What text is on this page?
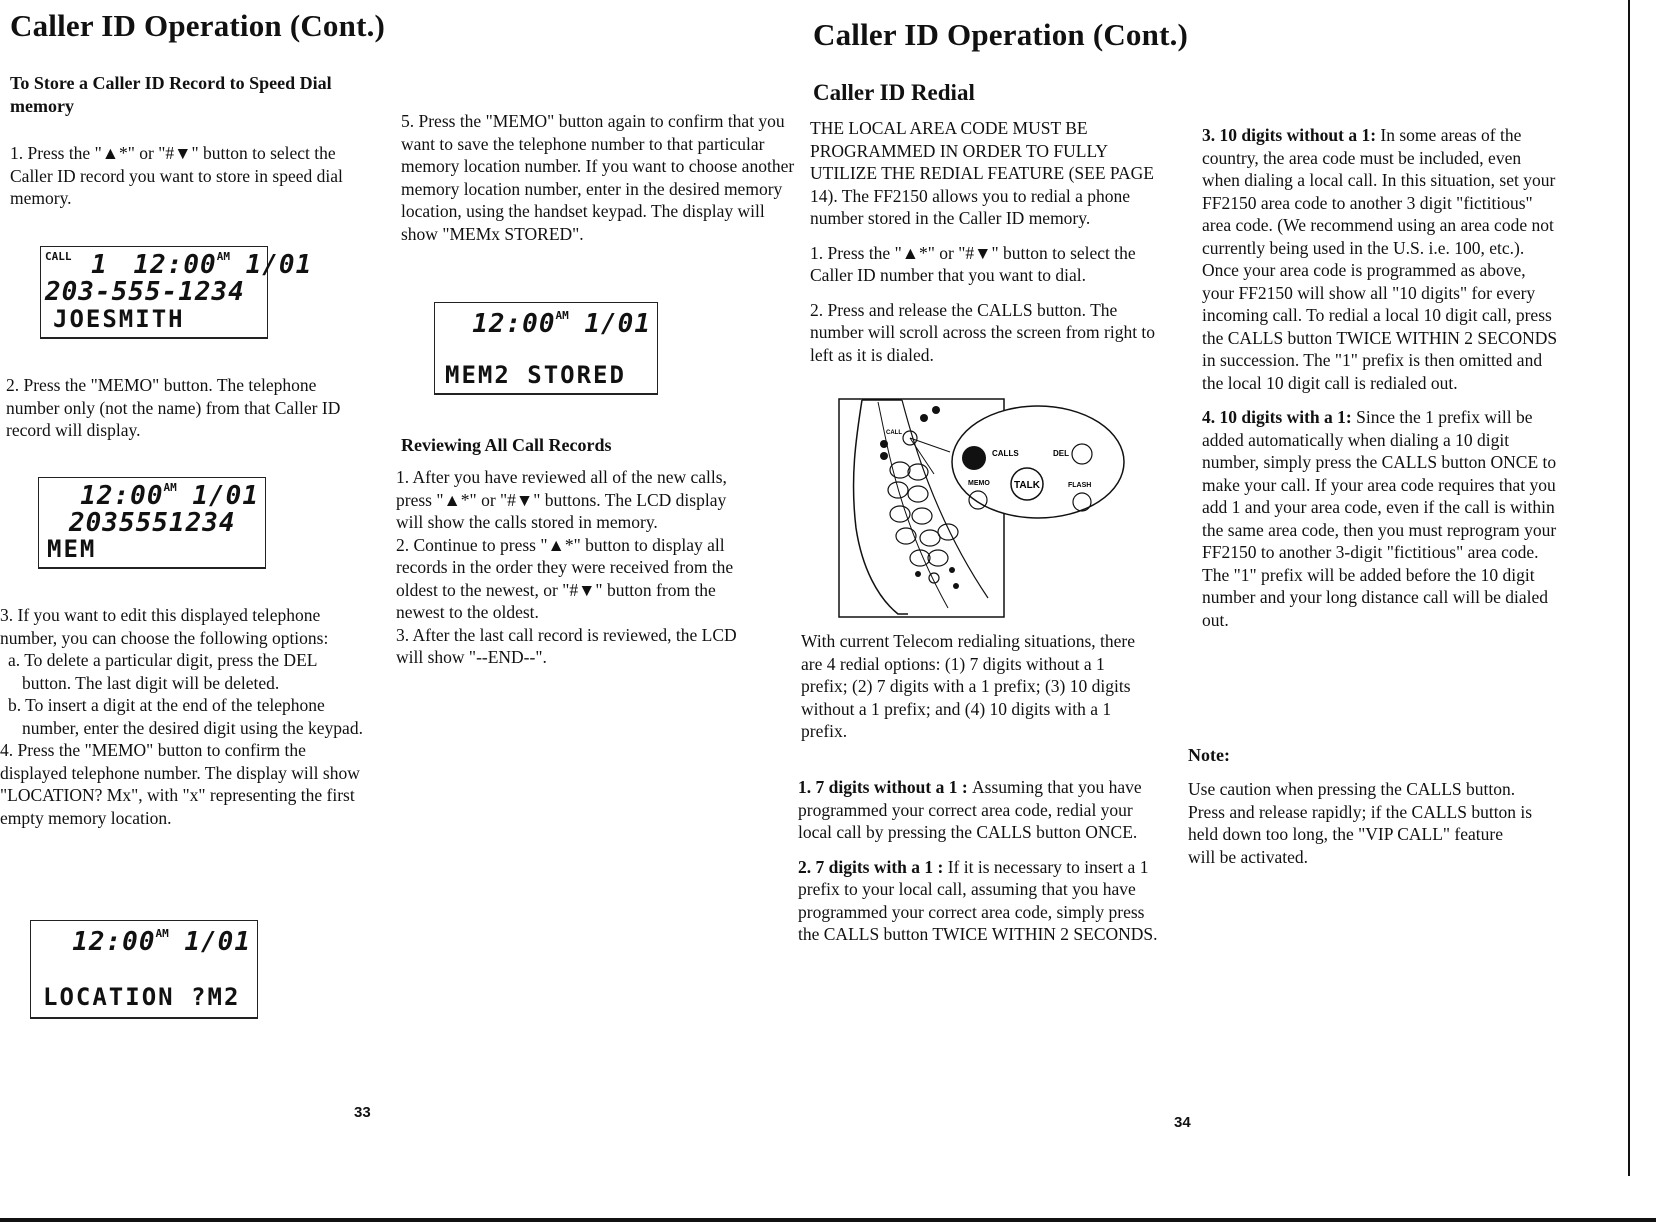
Caller ID Operation (Cont.)
To Store a Caller ID Record to Speed Dial memory
1. Press the "▲*" or "#▼" button to select the Caller ID record you want to store in speed dial memory.
$^{CALL}$ 1 $12:00^{AM}$ 1/01
203-555-1234
JOESMITH
2. Press the "MEMO" button. The telephone number only (not the name) from that Caller ID record will display.
$12:00^{AM}$ 1/01
2035551234
MEM

3. If you want to edit this displayed telephone number, you can choose the following options:

a. To delete a particular digit, press the DEL button. The last digit will be deleted.

b. To insert a digit at the end of the telephone number, enter the desired digit using the keypad.

4. Press the "MEMO" button to confirm the displayed telephone number. The display will show "LOCATION? Mx", with "x" representing the first empty memory location.

$12:00^{AM}$ 1/01
LOCATION ?M2
5. Press the "MEMO" button again to confirm that you want to save the telephone number to that particular memory location number. If you want to choose another memory location number, enter in the desired memory location, using the handset keypad. The display will show "MEMx STORED".
$12:00^{AM}$ 1/01
MEM2 STORED
Reviewing All Call Records

1. After you have reviewed all of the new calls, press "▲*" or "#▼" buttons. The LCD display will show the calls stored in memory.

2. Continue to press "▲*" button to display all records in the order they were received from the oldest to the newest, or "#▼" button from the newest to the oldest.

3. After the last call record is reviewed, the LCD will show "--END--".

33
Caller ID Operation (Cont.)
Caller ID Redial

THE LOCAL AREA CODE MUST BE PROGRAMMED IN ORDER TO FULLY UTILIZE THE REDIAL FEATURE (SEE PAGE 14). The FF2150 allows you to redial a phone number stored in the Caller ID memory.

1. Press the "▲*" or "#▼" button to select the Caller ID number that you want to dial.

2. Press and release the CALLS button. The number will scroll across the screen from right to left as it is dialed.

CALLS	DEL
MEMO TALK	FLASH
CALL
With current Telecom redialing situations, there are 4 redial options: (1) 7 digits without a 1 prefix; (2) 7 digits with a 1 prefix; (3) 10 digits without a 1 prefix; and (4) 10 digits with a 1 prefix.

1. 7 digits without a 1 : Assuming that you have programmed your correct area code, redial your local call by pressing the CALLS button ONCE.

2. 7 digits with a 1 : If it is necessary to insert a 1 prefix to your local call, assuming that you have programmed your correct area code, simply press the CALLS button TWICE WITHIN 2 SECONDS.

34

3. 10 digits without a 1: In some areas of the country, the area code must be included, even when dialing a local call. In this situation, set your FF2150 area code to another 3 digit "fictitious" area code. (We recommend using an area code not currently being used in the U.S. i.e. 100, etc.). Once your area code is programmed as above, your FF2150 will show all "10 digits" for every incoming call. To redial a local 10 digit call, press the CALLS button TWICE WITHIN 2 SECONDS in succession. The "1" prefix is then omitted and the local 10 digit call is redialed out.

4. 10 digits with a 1: Since the 1 prefix will be added automatically when dialing a 10 digit number, simply press the CALLS button ONCE to make your call. If your area code requires that you add 1 and your area code, even if the call is within the same area code, then you must reprogram your FF2150 to another 3-digit "fictitious" area code. The "1" prefix will be added before the 10 digit number and your long distance call will be dialed out.

Note:
Use caution when pressing the CALLS button. Press and release rapidly; if the CALLS button is held down too long, the "VIP CALL" feature will be activated.
